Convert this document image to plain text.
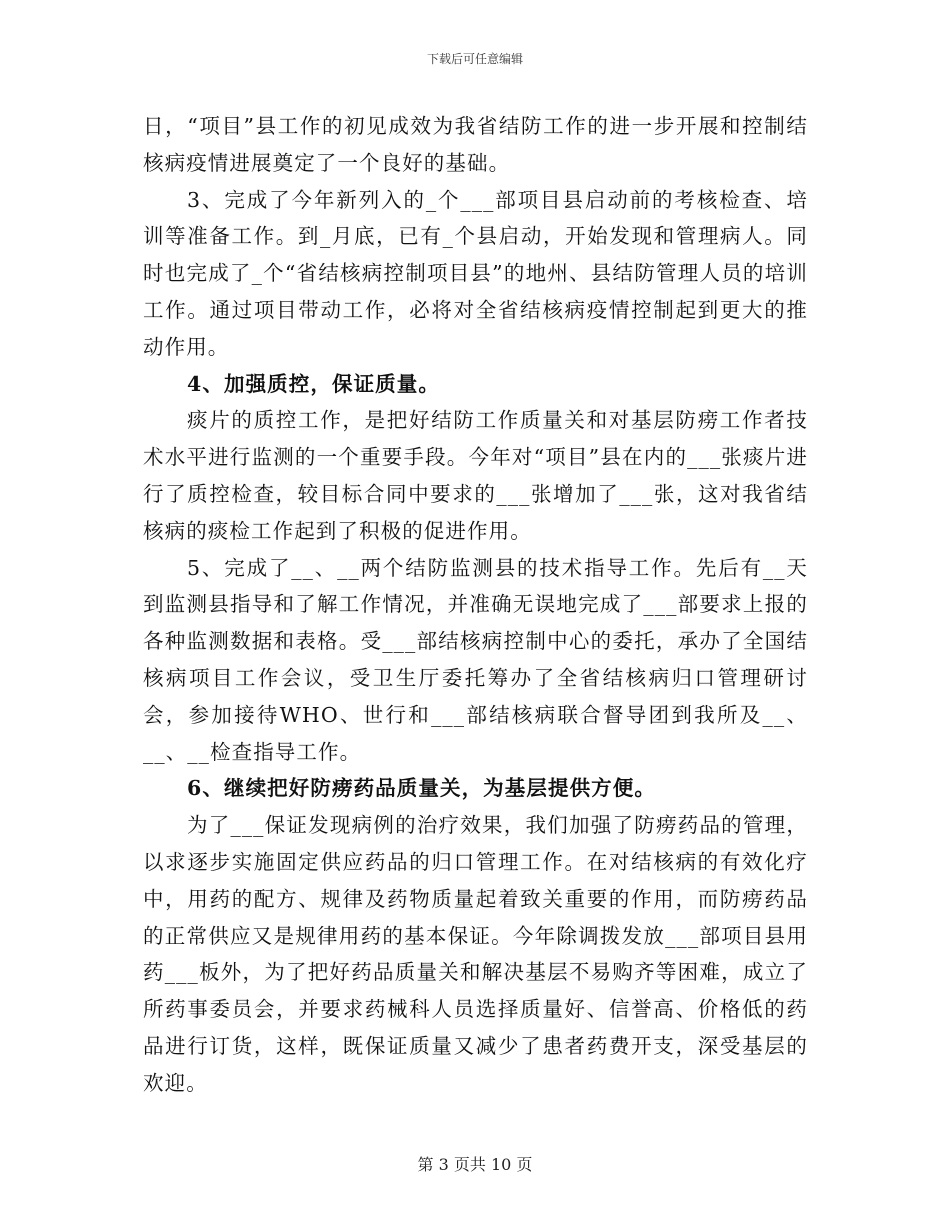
下载后可任意编辑

日，“项目”县工作的初见成效为我省结防工作的进一步开展和控制结核病疫情进展奠定了一个良好的基础。

3、完成了今年新列入的_个___部项目县启动前的考核检查、培训等准备工作。到_月底，已有_个县启动，开始发现和管理病人。同时也完成了_个“省结核病控制项目县”的地州、县结防管理人员的培训工作。通过项目带动工作，必将对全省结核病疫情控制起到更大的推动作用。

4、加强质控，保证质量。

痰片的质控工作，是把好结防工作质量关和对基层防痨工作者技术水平进行监测的一个重要手段。今年对“项目”县在内的___张痰片进行了质控检查，较目标合同中要求的___张增加了___张，这对我省结核病的痰检工作起到了积极的促进作用。

5、完成了__、__两个结防监测县的技术指导工作。先后有__天到监测县指导和了解工作情况，并准确无误地完成了___部要求上报的各种监测数据和表格。受___部结核病控制中心的委托，承办了全国结核病项目工作会议，受卫生厅委托筹办了全省结核病归口管理研讨会，参加接待WHO、世行和___部结核病联合督导团到我所及__、__、__检查指导工作。

6、继续把好防痨药品质量关，为基层提供方便。

为了___保证发现病例的治疗效果，我们加强了防痨药品的管理，以求逐步实施固定供应药品的归口管理工作。在对结核病的有效化疗中，用药的配方、规律及药物质量起着致关重要的作用，而防痨药品的正常供应又是规律用药的基本保证。今年除调拨发放___部项目县用药___板外，为了把好药品质量关和解决基层不易购齐等困难，成立了所药事委员会，并要求药械科人员选择质量好、信誉高、价格低的药品进行订货，这样，既保证质量又减少了患者药费开支，深受基层的欢迎。

第 3 页共 10 页
